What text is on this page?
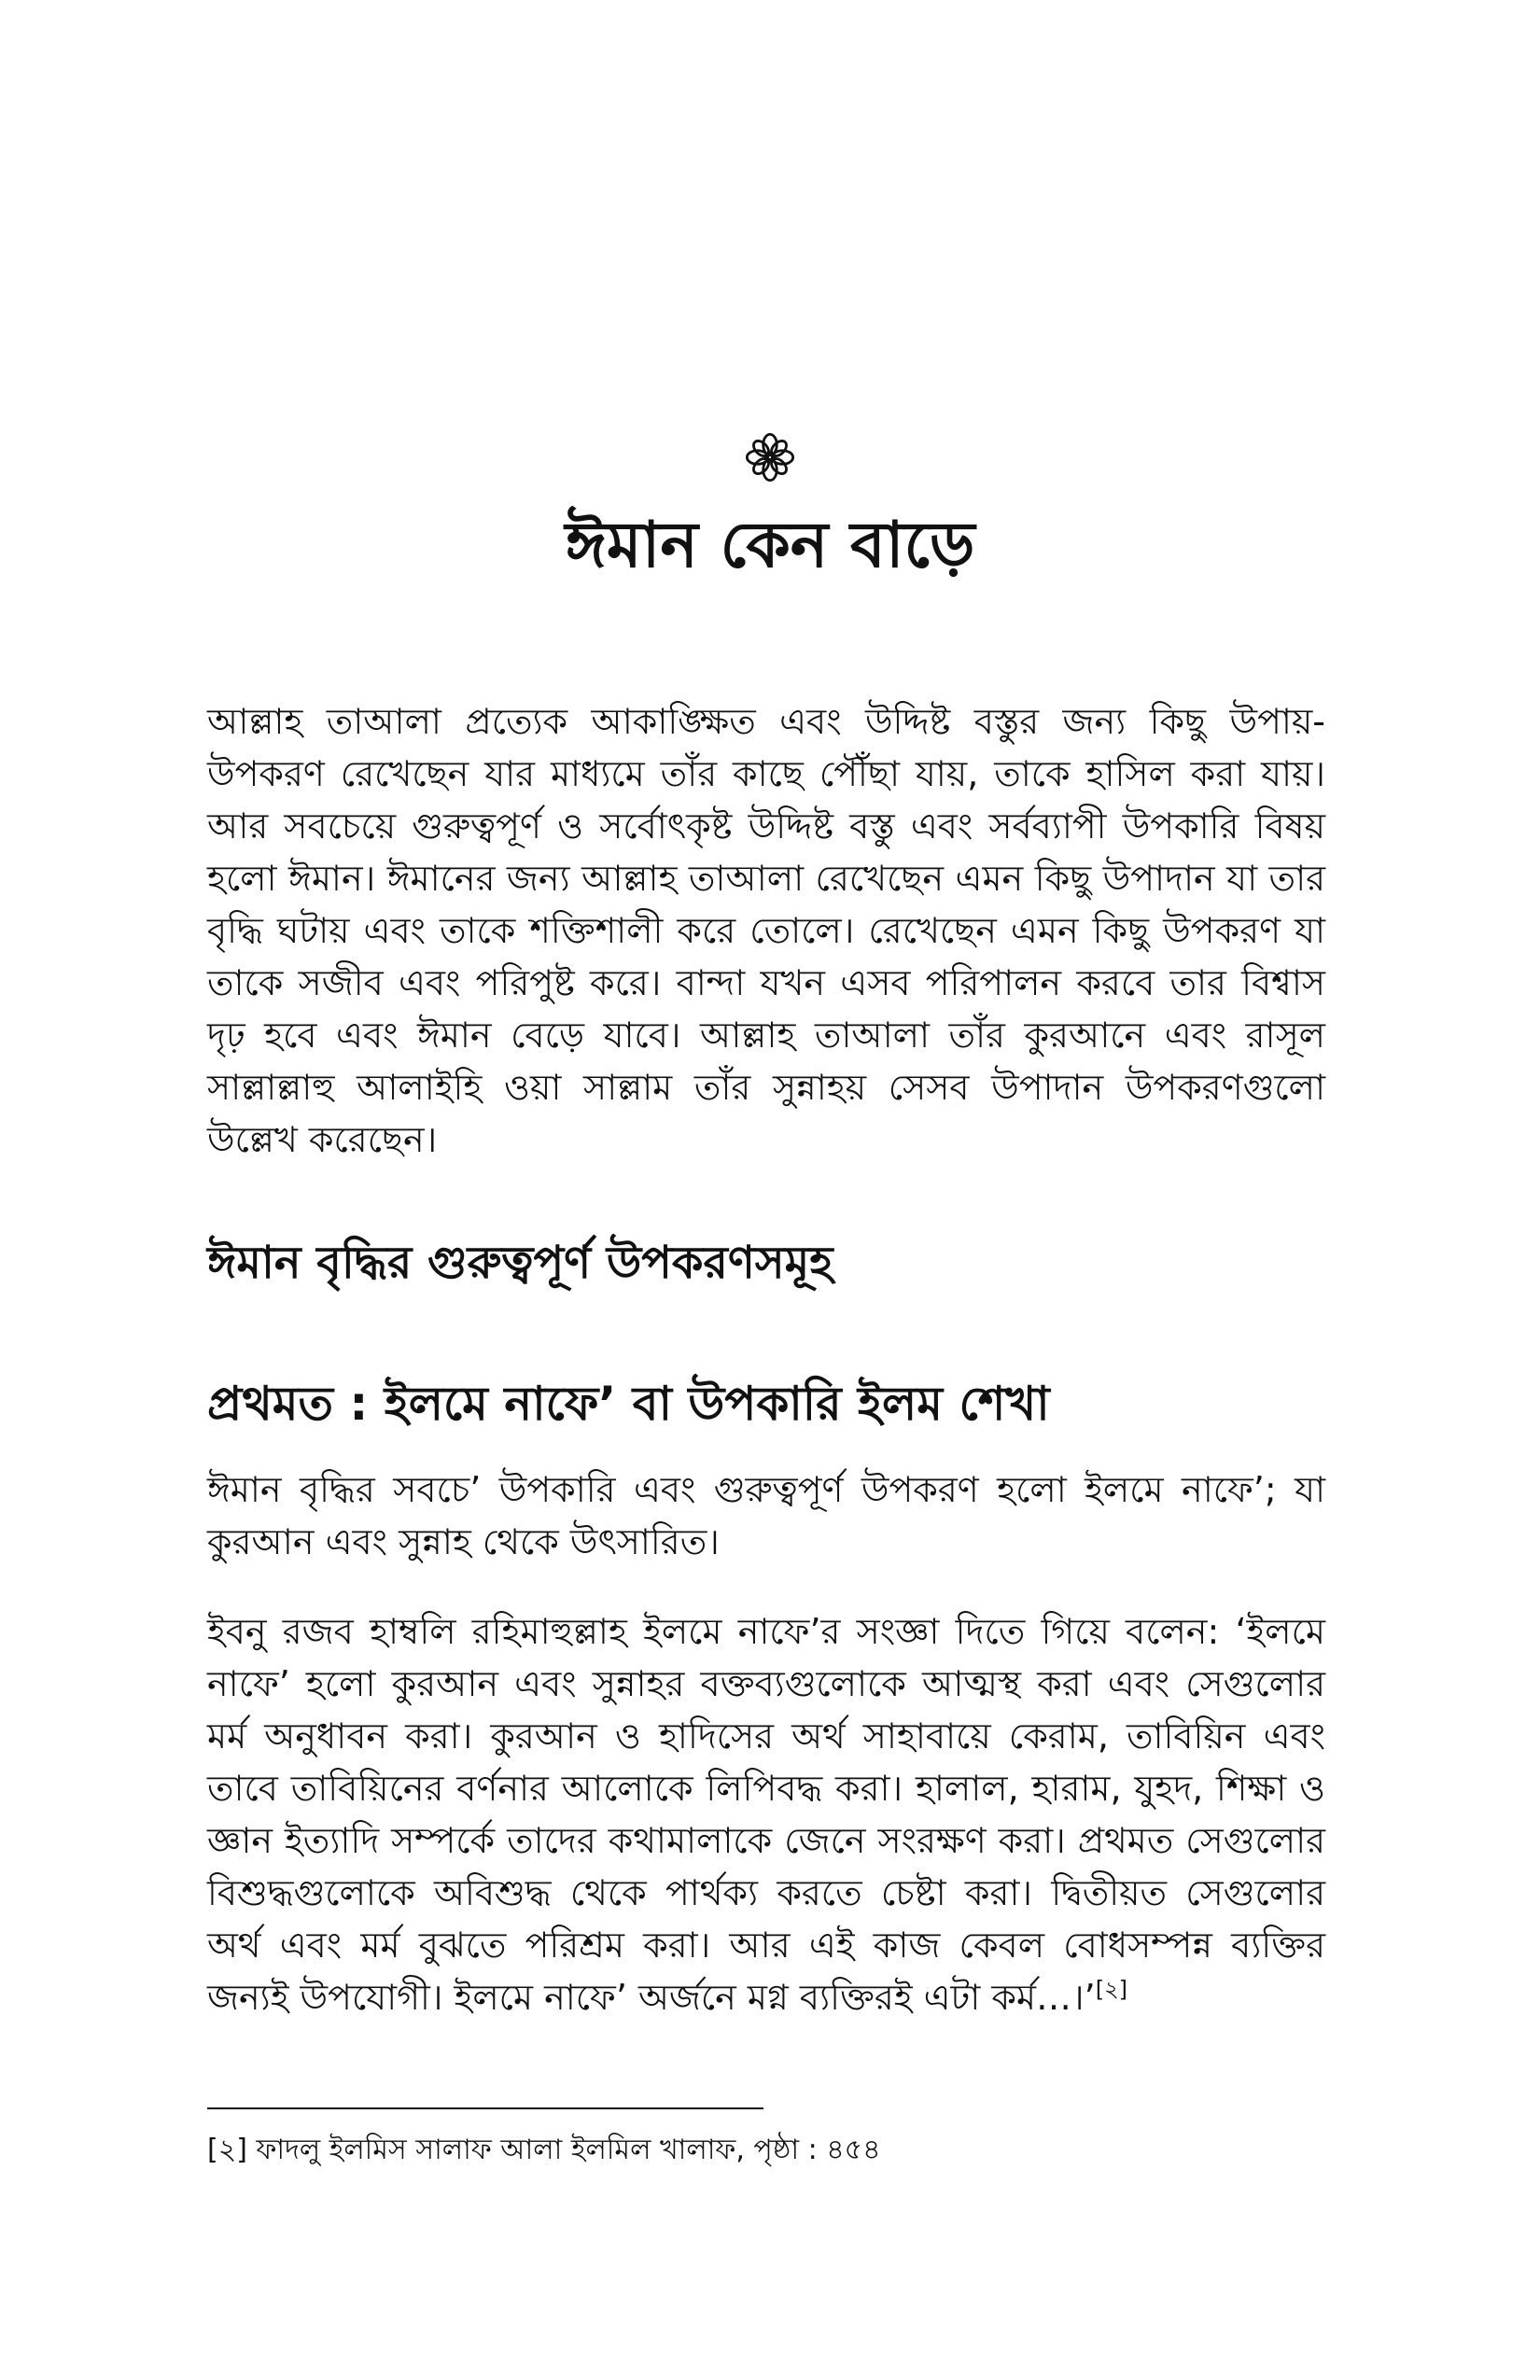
ঈমান কেন বাড়ে

আল্লাহ তাআলা প্রত্যেক আকাঙ্ক্ষিত এবং উদ্দিষ্ট বস্তুর জন্য কিছু উপায়-উপকরণ রেখেছেন যার মাধ্যমে তাঁর কাছে পৌঁছা যায়, তাকে হাসিল করা যায়। আর সবচেয়ে গুরুত্বপূর্ণ ও সর্বোৎকৃষ্ট উদ্দিষ্ট বস্তু এবং সর্বব্যাপী উপকারি বিষয় হলো ঈমান। ঈমানের জন্য আল্লাহ তাআলা রেখেছেন এমন কিছু উপাদান যা তার বৃদ্ধি ঘটায় এবং তাকে শক্তিশালী করে তোলে। রেখেছেন এমন কিছু উপকরণ যা তাকে সজীব এবং পরিপুষ্ট করে। বান্দা যখন এসব পরিপালন করবে তার বিশ্বাস দৃঢ় হবে এবং ঈমান বেড়ে যাবে। আল্লাহ তাআলা তাঁর কুরআনে এবং রাসূল সাল্লাল্লাহু আলাইহি ওয়া সাল্লাম তাঁর সুন্নাহয় সেসব উপাদান উপকরণগুলো উল্লেখ করেছেন।

ঈমান বৃদ্ধির গুরুত্বপূর্ণ উপকরণসমূহ
প্রথমত : ইলমে নাফে’ বা উপকারি ইলম শেখা

ঈমান বৃদ্ধির সবচে’ উপকারি এবং গুরুত্বপূর্ণ উপকরণ হলো ইলমে নাফে’; যা কুরআন এবং সুন্নাহ থেকে উৎসারিত।

ইবনু রজব হাম্বলি রহিমাহুল্লাহ ইলমে নাফে’র সংজ্ঞা দিতে গিয়ে বলেন: ‘ইলমে নাফে’ হলো কুরআন এবং সুন্নাহর বক্তব্যগুলোকে আত্মস্থ করা এবং সেগুলোর মর্ম অনুধাবন করা। কুরআন ও হাদিসের অর্থ সাহাবায়ে কেরাম, তাবিয়িন এবং তাবে তাবিয়িনের বর্ণনার আলোকে লিপিবদ্ধ করা। হালাল, হারাম, যুহদ, শিক্ষা ও জ্ঞান ইত্যাদি সম্পর্কে তাদের কথামালাকে জেনে সংরক্ষণ করা। প্রথমত সেগুলোর বিশুদ্ধগুলোকে অবিশুদ্ধ থেকে পার্থক্য করতে চেষ্টা করা। দ্বিতীয়ত সেগুলোর অর্থ এবং মর্ম বুঝতে পরিশ্রম করা। আর এই কাজ কেবল বোধসম্পন্ন ব্যক্তির জন্যই উপযোগী। ইলমে নাফে’ অর্জনে মগ্ন ব্যক্তিরই এটা কর্ম…।’[২]

[২] ফাদলু ইলমিস সালাফ আলা ইলমিল খালাফ, পৃষ্ঠা : ৪৫৪
